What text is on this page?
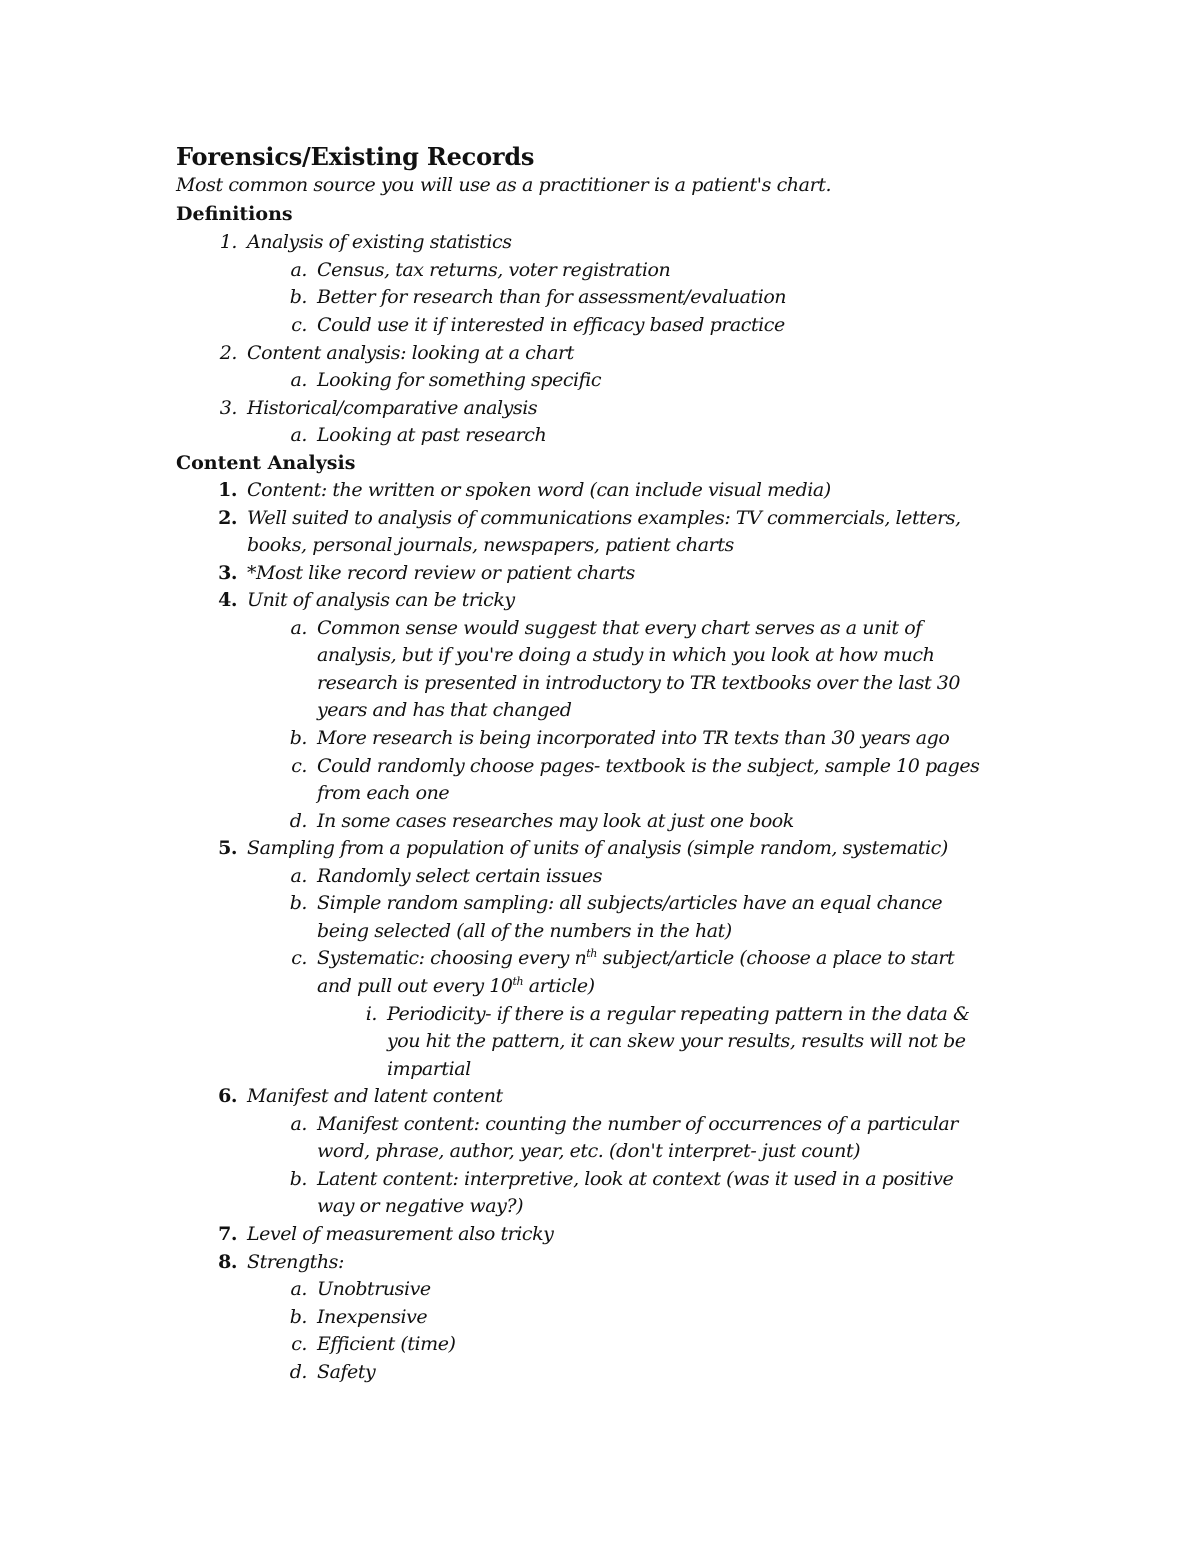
Forensics/Existing Records
Most common source you will use as a practitioner is a patient's chart.
Definitions
1. Analysis of existing statistics
a. Census, tax returns, voter registration
b. Better for research than for assessment/evaluation
c. Could use it if interested in efficacy based practice
2. Content analysis: looking at a chart
a. Looking for something specific
3. Historical/comparative analysis
a. Looking at past research
Content Analysis
1. Content: the written or spoken word (can include visual media)
2. Well suited to analysis of communications examples: TV commercials, letters,
books, personal journals, newspapers, patient charts
3. *Most like record review or patient charts
4. Unit of analysis can be tricky
a. Common sense would suggest that every chart serves as a unit of
analysis, but if you're doing a study in which you look at how much
research is presented in introductory to TR textbooks over the last 30
years and has that changed
b. More research is being incorporated into TR texts than 30 years ago
c. Could randomly choose pages- textbook is the subject, sample 10 pages
from each one
d. In some cases researches may look at just one book
5. Sampling from a population of units of analysis (simple random, systematic)
a. Randomly select certain issues
b. Simple random sampling: all subjects/articles have an equal chance
being selected (all of the numbers in the hat)
c. Systematic: choosing every $n^{th}$ subject/article (choose a place to start
and pull out every 10th article)
i. Periodicity- if there is a regular repeating pattern in the data &
you hit the pattern, it can skew your results, results will not be
impartial
6. Manifest and latent content
a. Manifest content: counting the number of occurrences of a particular
word, phrase, author, year, etc. (don't interpret- just count)
b. Latent content: interpretive, look at context (was it used in a positive
way or negative way?)
7. Level of measurement also tricky
8. Strengths:
a. Unobtrusive
b. Inexpensive
c. Efficient (time)
d. Safety
